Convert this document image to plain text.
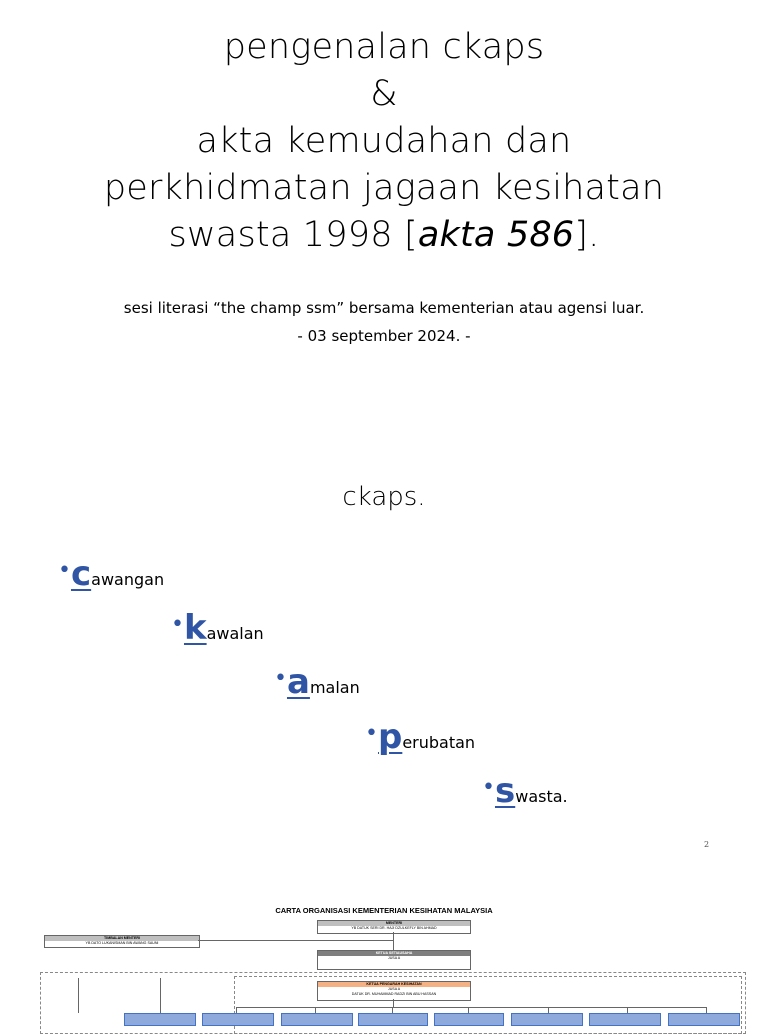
pengenalan ckaps
&
akta kemudahan dan
perkhidmatan jagaan kesihatan
swasta 1998 [akta 586].
sesi literasi “the champ ssm” bersama kementerian atau agensi luar.
- 03 september 2024. -
ckaps.
•cawangan
•kawalan
•amalan
•perubatan
•swasta.
2
CARTA ORGANISASI KEMENTERIAN KESIHATAN MALAYSIA
MENTERI
YB DATUK SERI DR. HAJI DZULKEFLY BIN AHMAD
TIMBALAN MENTERI
YB DATO LUKANISMAN BIN AWANG SAUNI
KETUA SETIAUSAHA
JUSA A
KETUA PENGARAH KESIHATAN
JUSA A
DATUK DR. MUHAMMAD RADZI BIN ABU HASSAN
